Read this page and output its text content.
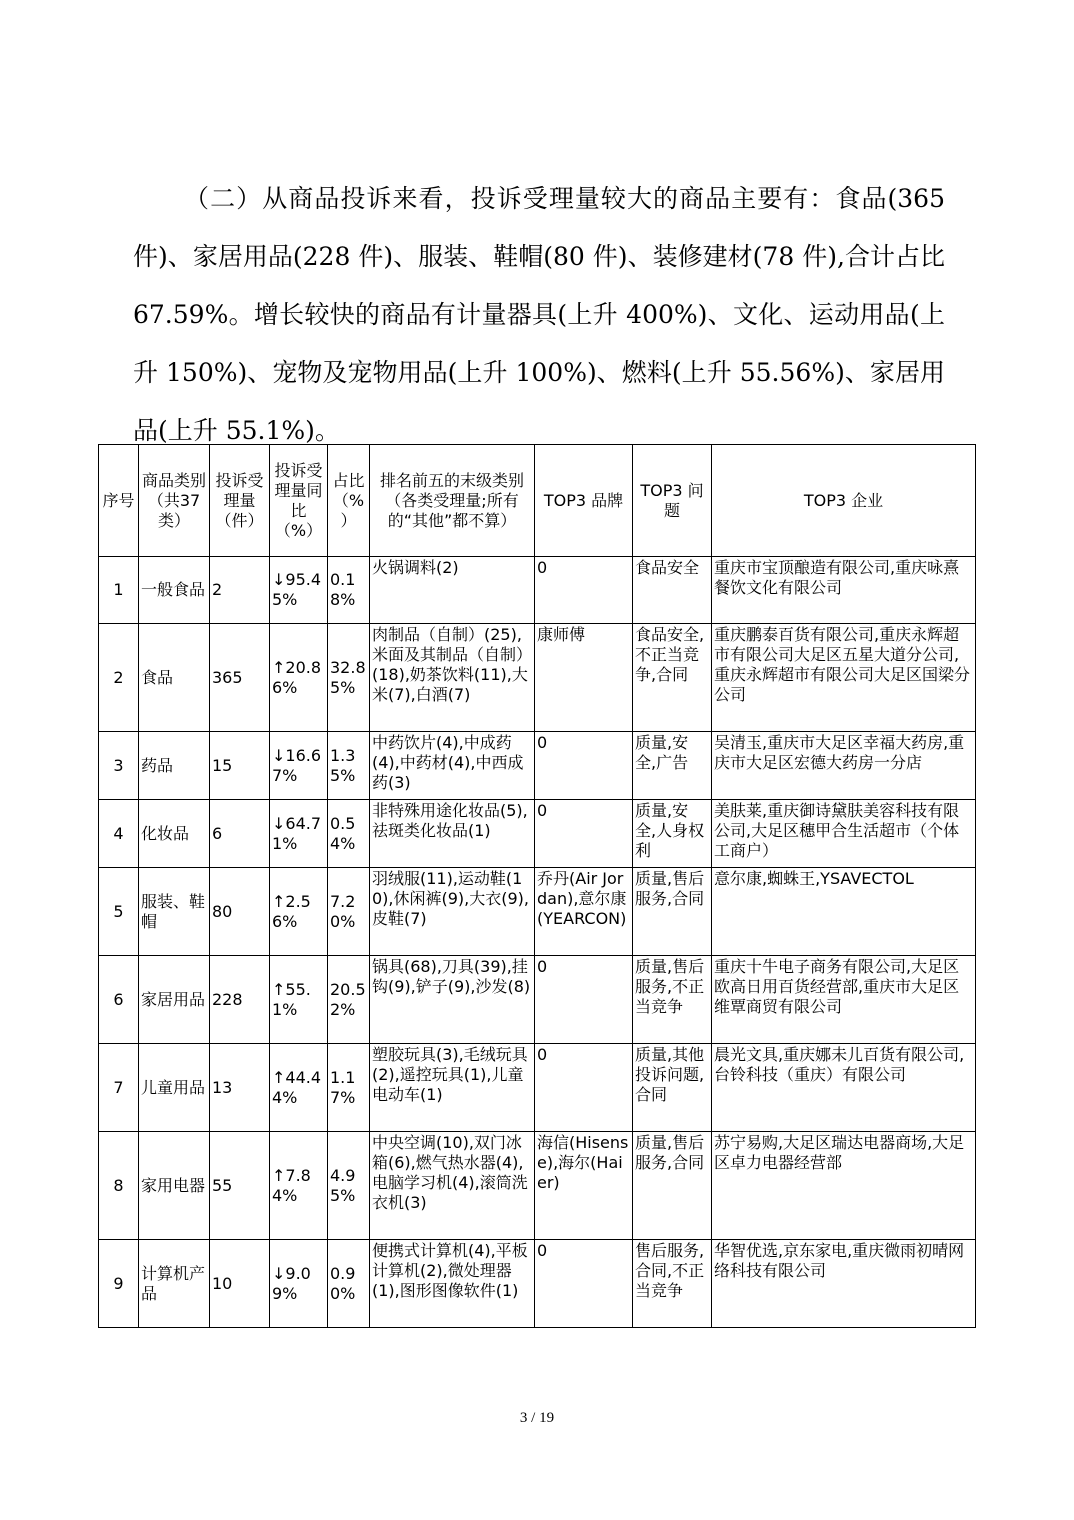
（二）从商品投诉来看，投诉受理量较大的商品主要有：食品(365 件)、家居用品(228 件)、服装、鞋帽(80 件)、装修建材(78 件),合计占比 67.59%。增长较快的商品有计量器具(上升 400%)、文化、运动用品(上升 150%)、宠物及宠物用品(上升 100%)、燃料(上升 55.56%)、家居用品(上升 55.1%)。

序号	商品类别（共37类）	投诉受理量（件）	投诉受理量同比（%）	占比（%）	排名前五的末级类别（各类受理量;所有的“其他”都不算）	TOP3 品牌	TOP3 问题	TOP3 企业
1	一般食品	2	↓95.45%	0.18%	火锅调料(2)	0	食品安全	重庆市宝顶酿造有限公司,重庆咏熹餐饮文化有限公司
2	食品	365	↑20.86%	32.85%	肉制品（自制）(25),米面及其制品（自制）(18),奶茶饮料(11),大米(7),白酒(7)	康师傅	食品安全,不正当竞争,合同	重庆鹏泰百货有限公司,重庆永辉超市有限公司大足区五星大道分公司,重庆永辉超市有限公司大足区国梁分公司
3	药品	15	↓16.67%	1.35%	中药饮片(4),中成药(4),中药材(4),中西成药(3)	0	质量,安全,广告	吴清玉,重庆市大足区幸福大药房,重庆市大足区宏德大药房一分店
4	化妆品	6	↓64.71%	0.54%	非特殊用途化妆品(5),祛斑类化妆品(1)	0	质量,安全,人身权利	美肤莱,重庆御诗黛肤美容科技有限公司,大足区穗甲合生活超市（个体工商户）
5	服装、鞋帽	80	↑2.56%	7.20%	羽绒服(11),运动鞋(10),休闲裤(9),大衣(9),皮鞋(7)	乔丹(Air Jordan),意尔康(YEARCON)	质量,售后服务,合同	意尔康,蜘蛛王,YSAVECTOL
6	家居用品	228	↑55.1%	20.52%	锅具(68),刀具(39),挂钩(9),铲子(9),沙发(8)	0	质量,售后服务,不正当竞争	重庆十牛电子商务有限公司,大足区欧高日用百货经营部,重庆市大足区维覃商贸有限公司
7	儿童用品	13	↑44.44%	1.17%	塑胶玩具(3),毛绒玩具(2),遥控玩具(1),儿童电动车(1)	0	质量,其他投诉问题,合同	晨光文具,重庆娜未儿百货有限公司,台铃科技（重庆）有限公司
8	家用电器	55	↑7.84%	4.95%	中央空调(10),双门冰箱(6),燃气热水器(4),电脑学习机(4),滚筒洗衣机(3)	海信(Hisense),海尔(Haier)	质量,售后服务,合同	苏宁易购,大足区瑞达电器商场,大足区卓力电器经营部
9	计算机产品	10	↓9.09%	0.90%	便携式计算机(4),平板计算机(2),微处理器(1),图形图像软件(1)	0	售后服务,合同,不正当竞争	华智优选,京东家电,重庆微雨初晴网络科技有限公司
3 / 19
